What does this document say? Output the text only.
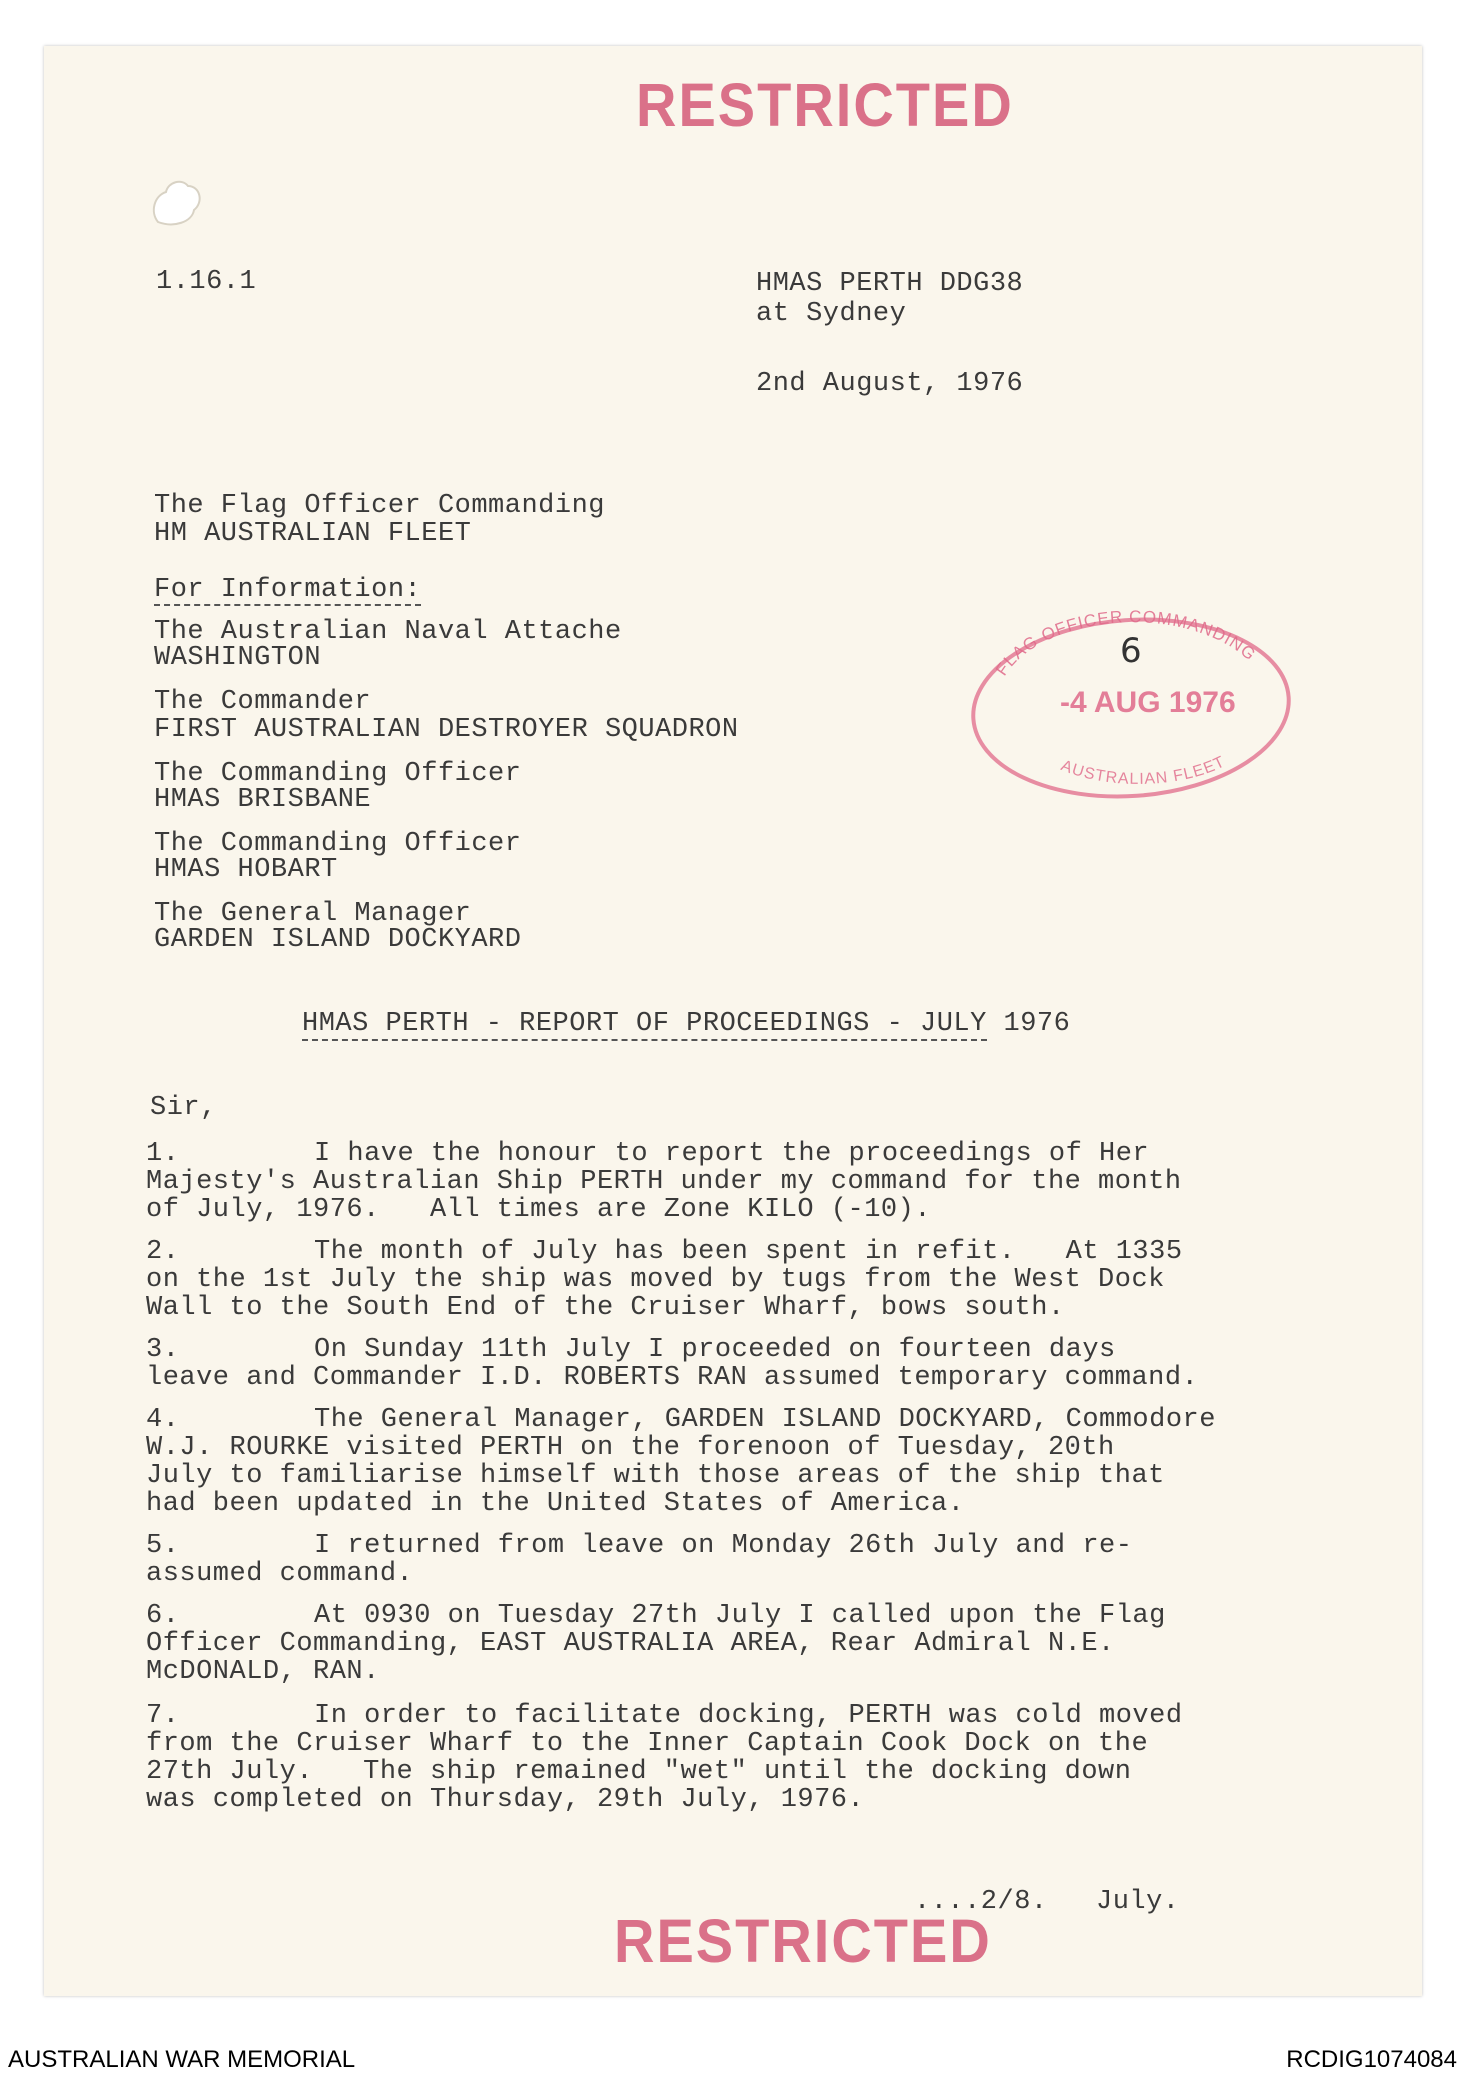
RESTRICTED
1.16.1	HMAS PERTH DDG38
at Sydney
2nd August, 1976
The Flag Officer Commanding
HM AUSTRALIAN FLEET
For Information:
The Australian Naval Attache
WASHINGTON
The Commander
FIRST AUSTRALIAN DESTROYER SQUADRON
The Commanding Officer
HMAS BRISBANE
The Commanding Officer
HMAS HOBART
The General Manager
GARDEN ISLAND DOCKYARD
FLAG OFFICER COMMANDING
-4 AUG 1976
AUSTRALIAN FLEET
6
HMAS PERTH - REPORT OF PROCEEDINGS - JULY 1976
Sir,
1.	I have the honour to report the proceedings of Her
Majesty's Australian Ship PERTH under my command for the month
of July, 1976.   All times are Zone KILO (-10).
2.	The month of July has been spent in refit.   At 1335
on the 1st July the ship was moved by tugs from the West Dock
Wall to the South End of the Cruiser Wharf, bows south.
3.	On Sunday 11th July I proceeded on fourteen days
leave and Commander I.D. ROBERTS RAN assumed temporary command.
4.	The General Manager, GARDEN ISLAND DOCKYARD, Commodore
W.J. ROURKE visited PERTH on the forenoon of Tuesday, 20th
July to familiarise himself with those areas of the ship that
had been updated in the United States of America.
5.	I returned from leave on Monday 26th July and re-
assumed command.
6.	At 0930 on Tuesday 27th July I called upon the Flag
Officer Commanding, EAST AUSTRALIA AREA, Rear Admiral N.E.
McDONALD, RAN.
7.	In order to facilitate docking, PERTH was cold moved
from the Cruiser Wharf to the Inner Captain Cook Dock on the
27th July.   The ship remained "wet" until the docking down
was completed on Thursday, 29th July, 1976.
....2/8. July.
RESTRICTED
AUSTRALIAN WAR MEMORIAL	RCDIG1074084
